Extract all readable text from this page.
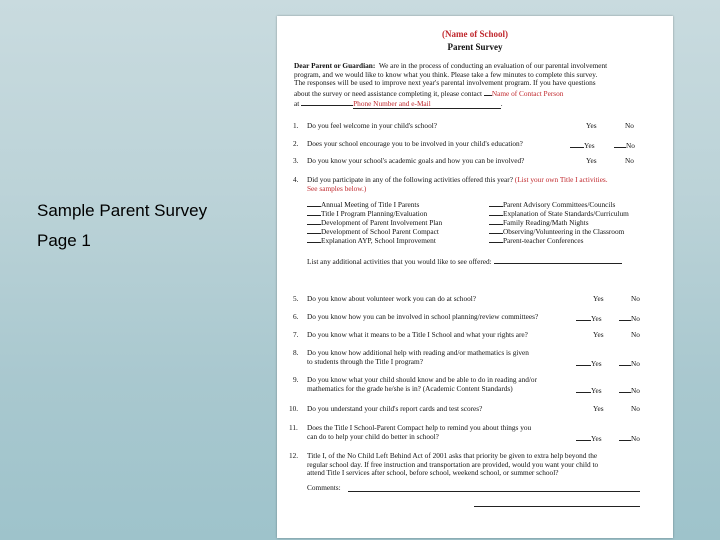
Sample Parent Survey
Page 1
(Name of School)
Parent Survey

Dear Parent or Guardian: We are in the process of conducting an evaluation of our parental involvement

program, and we would like to know what you think. Please take a few minutes to complete this survey.

The responses will be used to improve next year's parental involvement program. If you have questions

about the survey or need assistance completing it, please contact Name of Contact Person

at	Phone Number and e-Mail	.

1. Do you feel welcome in your child's school?	Yes	No
2. Does your school encourage you to be involved in your child's education?	Yes	No
3. Do you know your school's academic goals and how you can be involved?	Yes	No
4. Did you participate in any of the following activities offered this year? (List your own Title I activities.
See samples below.)
Annual Meeting of Title I Parents
Title I Program Planning/Evaluation
Development of Parent Involvement Plan
Development of School Parent Compact
Explanation AYP, School Improvement
Parent Advisory Committees/Councils
Explanation of State Standards/Curriculum
Family Reading/Math Nights
Observing/Volunteering in the Classroom
Parent-teacher Conferences
List any additional activities that you would like to see offered:
5. Do you know about volunteer work you can do at school?	Yes	No
6. Do you know how you can be involved in school planning/review committees?	Yes	No
7. Do you know what it means to be a Title I School and what your rights are?	Yes	No
8. Do you know how additional help with reading and/or mathematics is given
to students through the Title I program?	Yes	No
9. Do you know what your child should know and be able to do in reading and/or
mathematics for the grade he/she is in? (Academic Content Standards)	Yes	No
10. Do you understand your child's report cards and test scores?	Yes	No
11. Does the Title I School-Parent Compact help to remind you about things you
can do to help your child do better in school?	Yes	No
12. Title I, of the No Child Left Behind Act of 2001 asks that priority be given to extra help beyond the
regular school day. If free instruction and transportation are provided, would you want your child to
attend Title I services after school, before school, weekend school, or summer school?
Comments:
